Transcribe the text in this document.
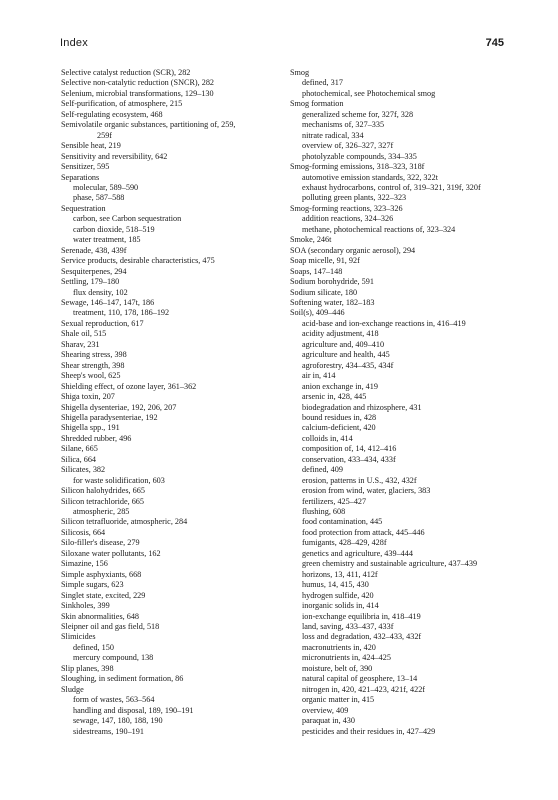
Index	745
Selective catalyst reduction (SCR), 282
Selective non-catalytic reduction (SNCR), 282
Selenium, microbial transformations, 129–130
Self-purification, of atmosphere, 215
Self-regulating ecosystem, 468
Semivolatile organic substances, partitioning of, 259,
259f
Sensible heat, 219
Sensitivity and reversibility, 642
Sensitizer, 595
Separations
molecular, 589–590
phase, 587–588
Sequestration
carbon, see Carbon sequestration
carbon dioxide, 518–519
water treatment, 185
Serenade, 438, 439f
Service products, desirable characteristics, 475
Sesquiterpenes, 294
Settling, 179–180
flux density, 102
Sewage, 146–147, 147t, 186
treatment, 110, 178, 186–192
Sexual reproduction, 617
Shale oil, 515
Sharav, 231
Shearing stress, 398
Shear strength, 398
Sheep's wool, 625
Shielding effect, of ozone layer, 361–362
Shiga toxin, 207
Shigella dysenteriae, 192, 206, 207
Shigella paradysenteriae, 192
Shigella spp., 191
Shredded rubber, 496
Silane, 665
Silica, 664
Silicates, 382
for waste solidification, 603
Silicon halohydrides, 665
Silicon tetrachloride, 665
atmospheric, 285
Silicon tetrafluoride, atmospheric, 284
Silicosis, 664
Silo-filler's disease, 279
Siloxane water pollutants, 162
Simazine, 156
Simple asphyxiants, 668
Simple sugars, 623
Singlet state, excited, 229
Sinkholes, 399
Skin abnormalities, 648
Sleipner oil and gas field, 518
Slimicides
defined, 150
mercury compound, 138
Slip planes, 398
Sloughing, in sediment formation, 86
Sludge
form of wastes, 563–564
handling and disposal, 189, 190–191
sewage, 147, 180, 188, 190
sidestreams, 190–191
Smog
defined, 317
photochemical, see Photochemical smog
Smog formation
generalized scheme for, 327f, 328
mechanisms of, 327–335
nitrate radical, 334
overview of, 326–327, 327f
photolyzable compounds, 334–335
Smog-forming emissions, 318–323, 318f
automotive emission standards, 322, 322t
exhaust hydrocarbons, control of, 319–321, 319f, 320f
polluting green plants, 322–323
Smog-forming reactions, 323–326
addition reactions, 324–326
methane, photochemical reactions of, 323–324
Smoke, 246t
SOA (secondary organic aerosol), 294
Soap micelle, 91, 92f
Soaps, 147–148
Sodium borohydride, 591
Sodium silicate, 180
Softening water, 182–183
Soil(s), 409–446
acid-base and ion-exchange reactions in, 416–419
acidity adjustment, 418
agriculture and, 409–410
agriculture and health, 445
agroforestry, 434–435, 434f
air in, 414
anion exchange in, 419
arsenic in, 428, 445
biodegradation and rhizosphere, 431
bound residues in, 428
calcium-deficient, 420
colloids in, 414
composition of, 14, 412–416
conservation, 433–434, 433f
defined, 409
erosion, patterns in U.S., 432, 432f
erosion from wind, water, glaciers, 383
fertilizers, 425–427
flushing, 608
food contamination, 445
food protection from attack, 445–446
fumigants, 428–429, 428f
genetics and agriculture, 439–444
green chemistry and sustainable agriculture, 437–439
horizons, 13, 411, 412f
humus, 14, 415, 430
hydrogen sulfide, 420
inorganic solids in, 414
ion-exchange equilibria in, 418–419
land, saving, 433–437, 433f
loss and degradation, 432–433, 432f
macronutrients in, 420
micronutrients in, 424–425
moisture, belt of, 390
natural capital of geosphere, 13–14
nitrogen in, 420, 421–423, 421f, 422f
organic matter in, 415
overview, 409
paraquat in, 430
pesticides and their residues in, 427–429
